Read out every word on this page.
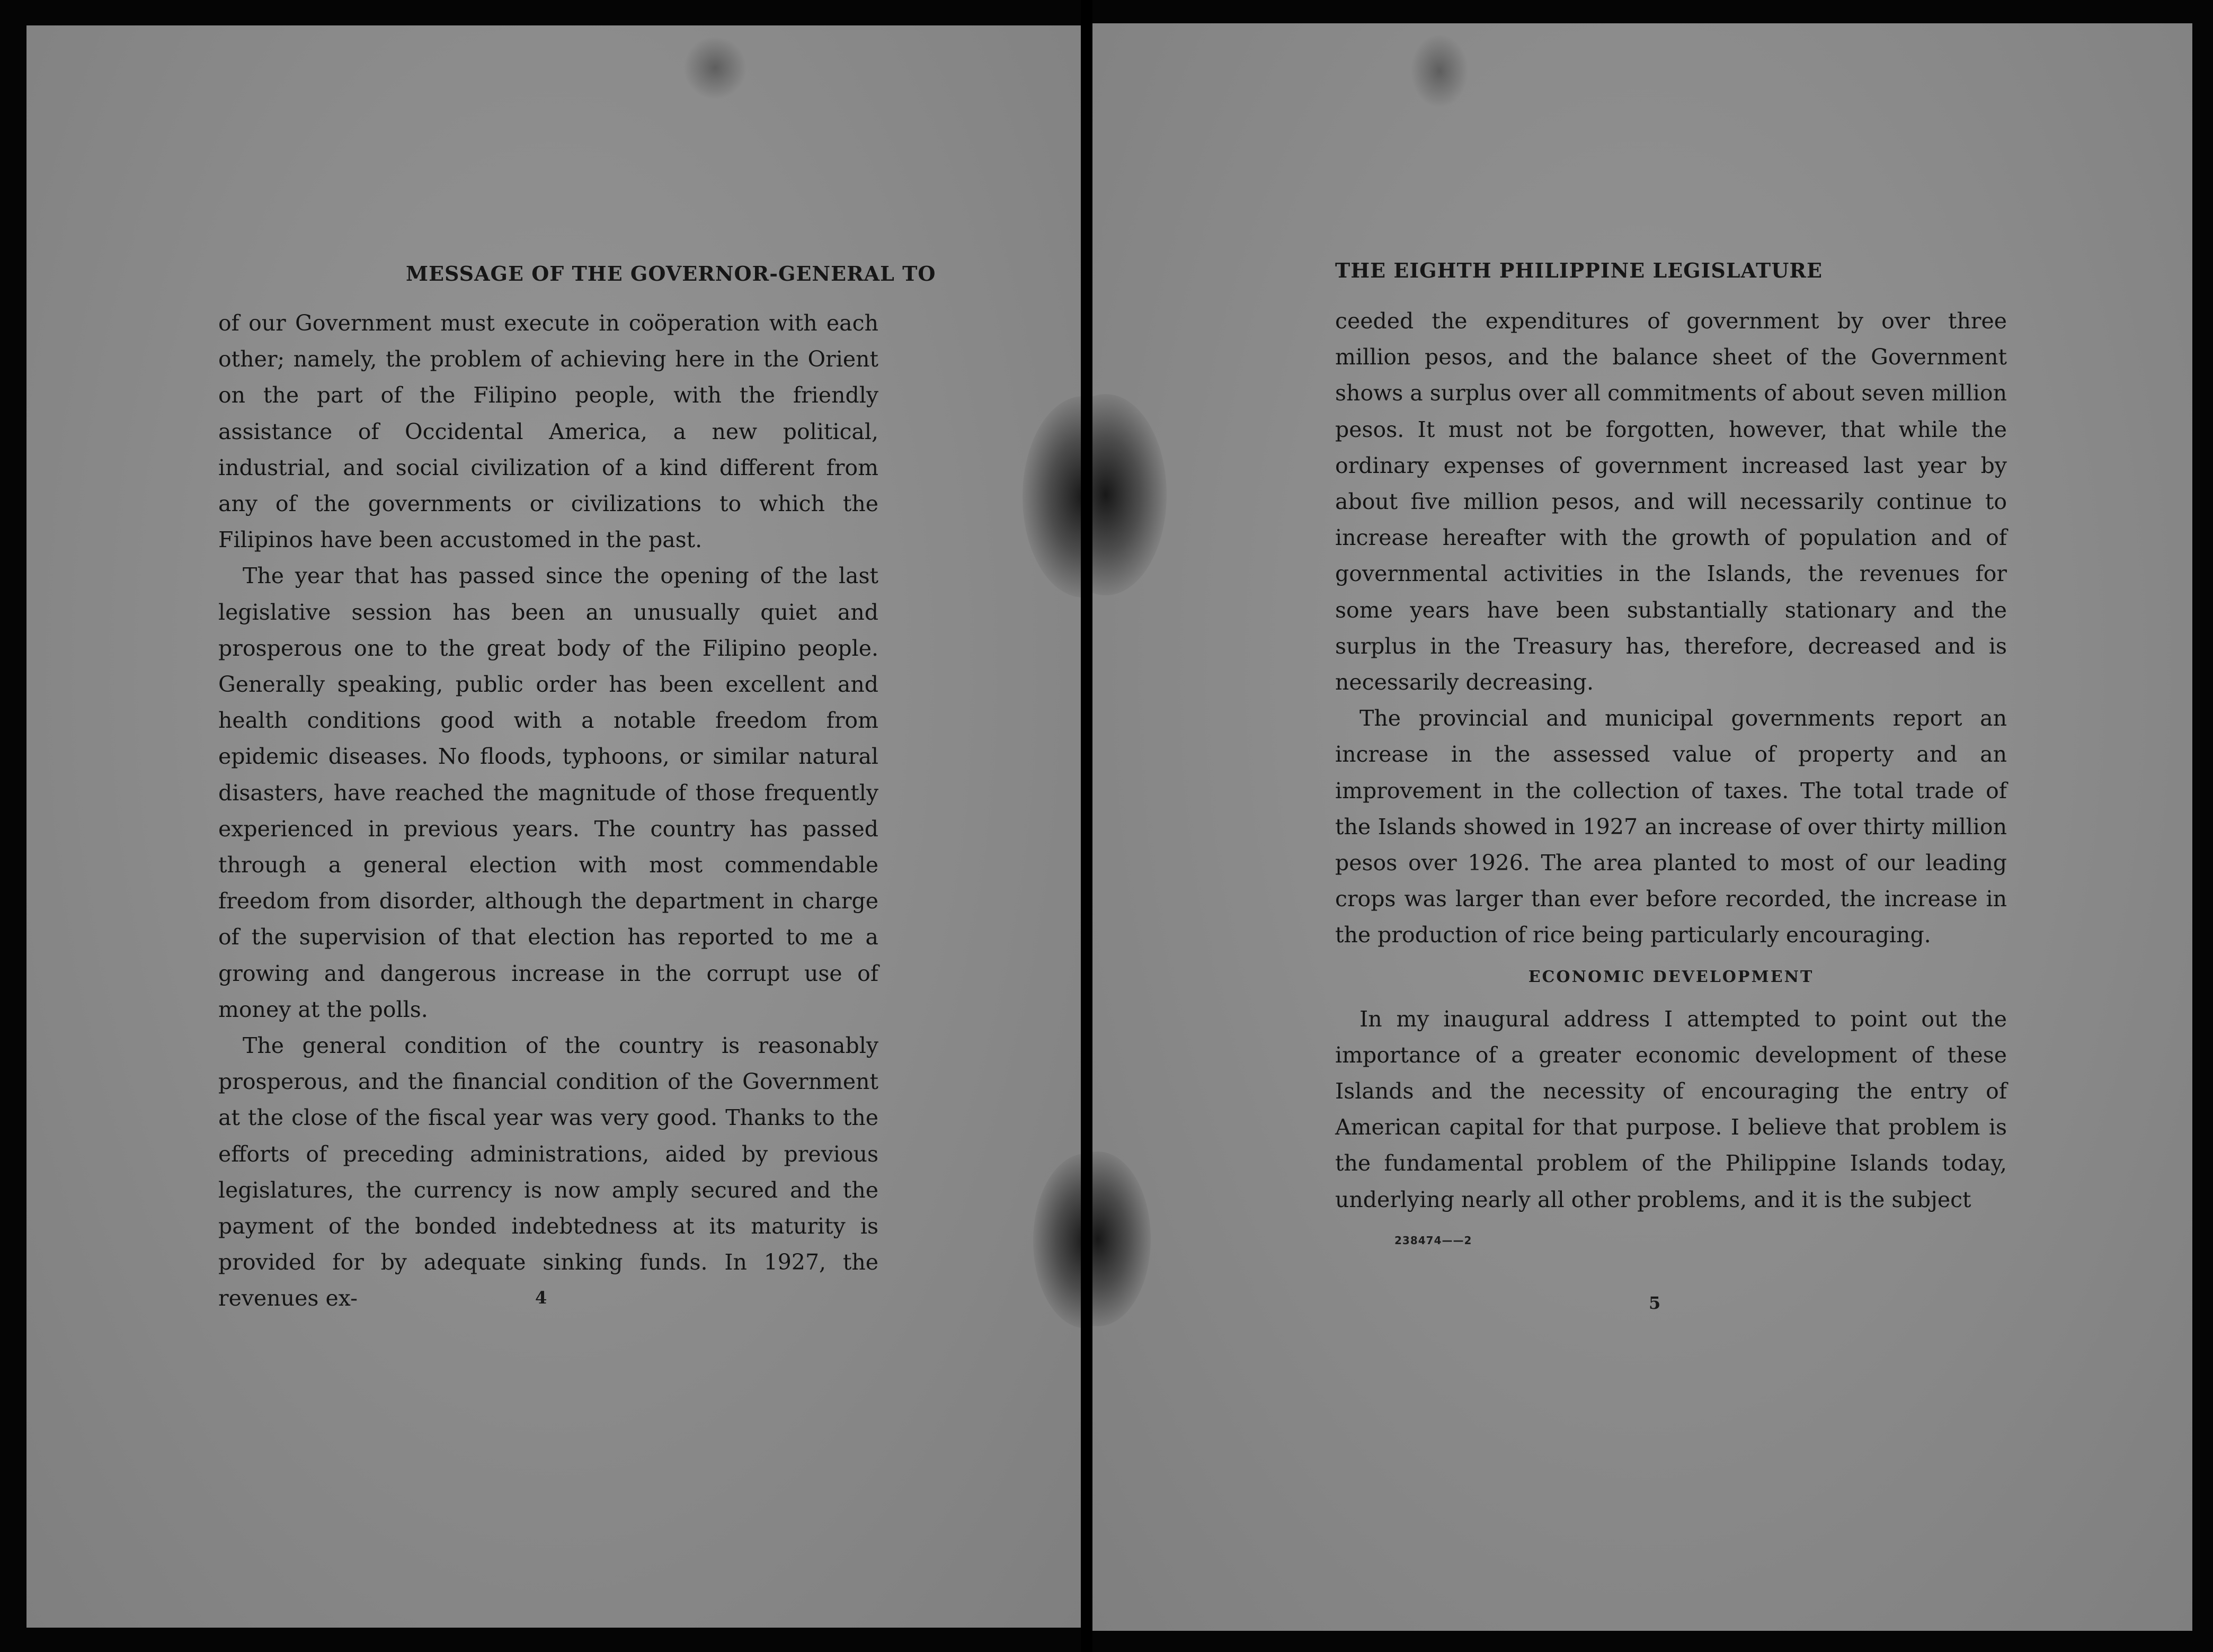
MESSAGE OF THE GOVERNOR-GENERAL TO

of our Government must execute in coöperation with each other; namely, the problem of achieving here in the Orient on the part of the Filipino people, with the friendly assistance of Occidental America, a new political, industrial, and social civilization of a kind different from any of the governments or civilizations to which the Filipinos have been accustomed in the past.

The year that has passed since the opening of the last legislative session has been an unusually quiet and prosperous one to the great body of the Filipino people. Generally speaking, public order has been excellent and health conditions good with a notable freedom from epidemic diseases. No floods, typhoons, or similar natural disasters, have reached the magnitude of those frequently experienced in previous years. The country has passed through a general election with most commendable freedom from disorder, although the department in charge of the supervision of that election has reported to me a growing and dangerous increase in the corrupt use of money at the polls.

The general condition of the country is reasonably prosperous, and the financial condition of the Government at the close of the fiscal year was very good. Thanks to the efforts of preceding administrations, aided by previous legislatures, the currency is now amply secured and the payment of the bonded indebtedness at its maturity is provided for by adequate sinking funds. In 1927, the revenues ex-	4
THE EIGHTH PHILIPPINE LEGISLATURE

ceeded the expenditures of government by over three million pesos, and the balance sheet of the Government shows a surplus over all commitments of about seven million pesos. It must not be forgotten, however, that while the ordinary expenses of government increased last year by about five million pesos, and will necessarily continue to increase hereafter with the growth of population and of governmental activities in the Islands, the revenues for some years have been substantially stationary and the surplus in the Treasury has, therefore, decreased and is necessarily decreasing.

The provincial and municipal governments report an increase in the assessed value of property and an improvement in the collection of taxes. The total trade of the Islands showed in 1927 an increase of over thirty million pesos over 1926. The area planted to most of our leading crops was larger than ever before recorded, the increase in the production of rice being particularly encouraging.

ECONOMIC DEVELOPMENT

In my inaugural address I attempted to point out the importance of a greater economic development of these Islands and the necessity of encouraging the entry of American capital for that purpose. I believe that problem is the fundamental problem of the Philippine Islands today, underlying nearly all other problems, and it is the subject

238474——2
5
